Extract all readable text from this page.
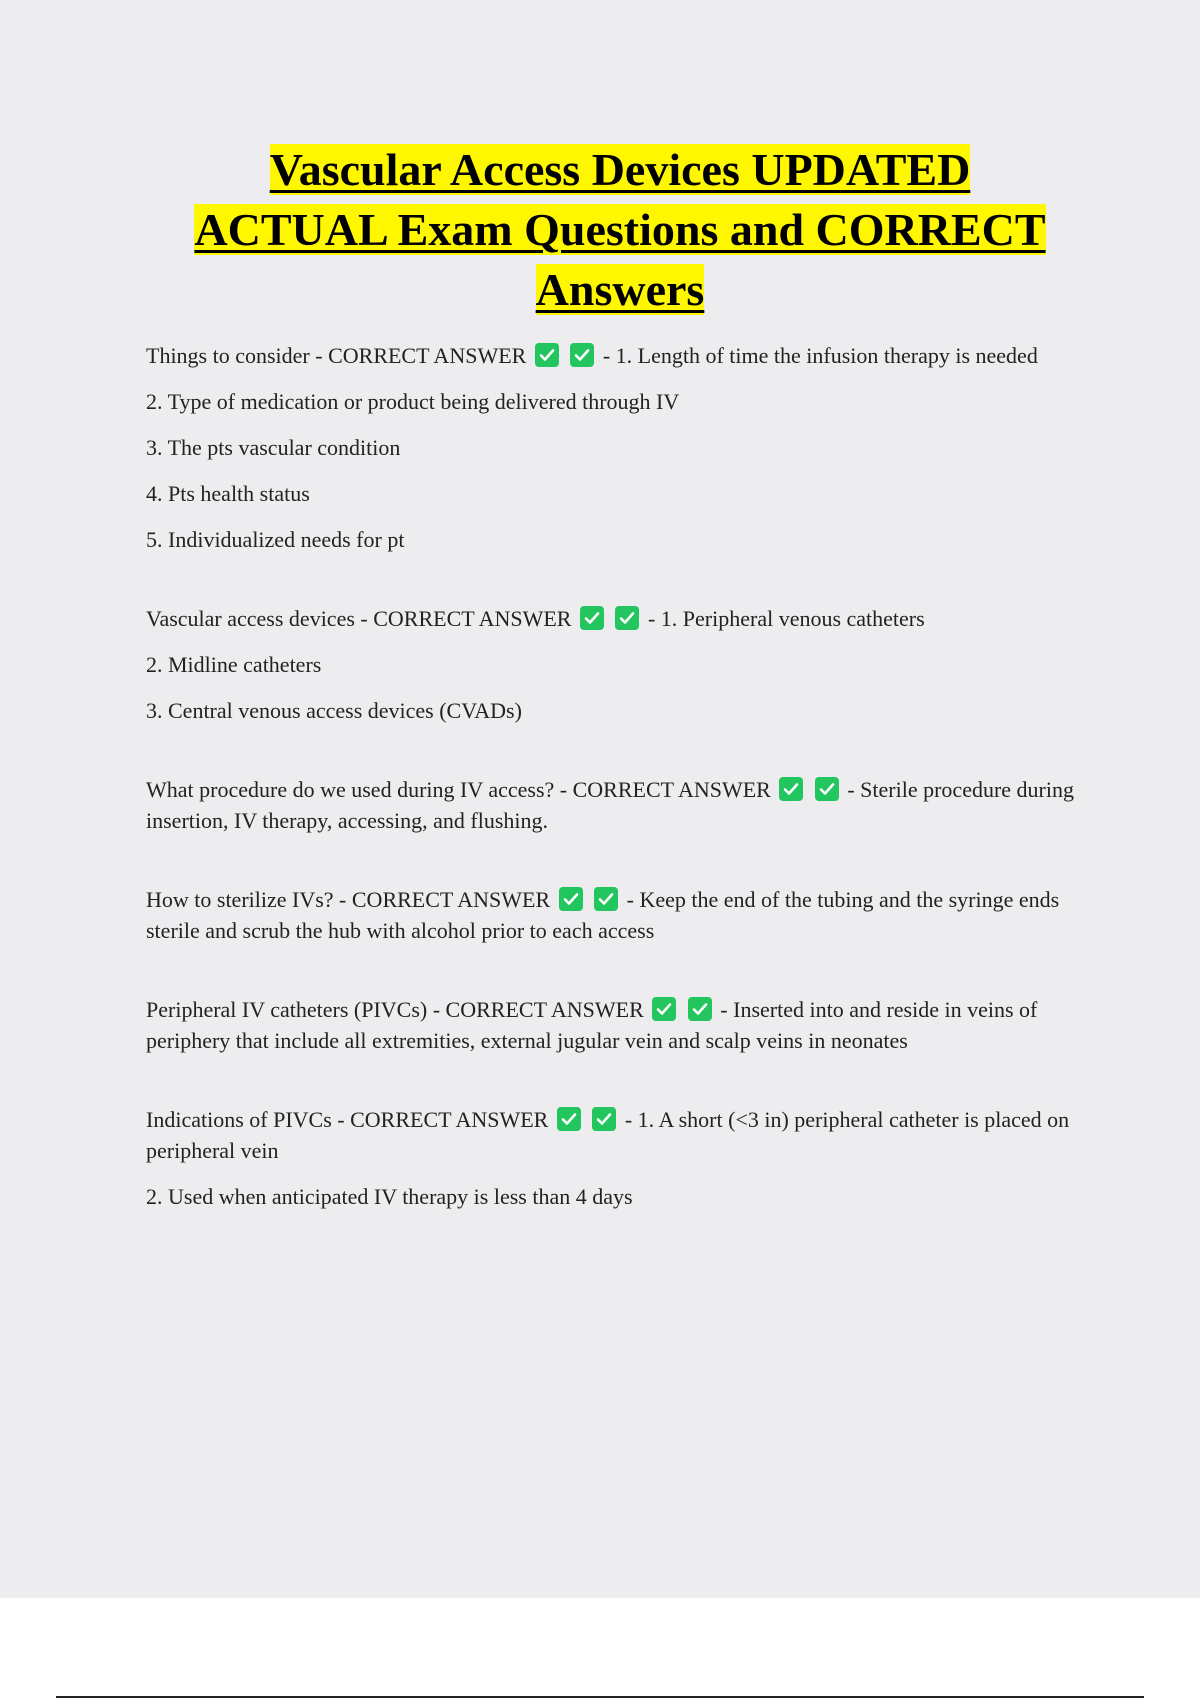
Vascular Access Devices UPDATED
ACTUAL Exam Questions and CORRECT
Answers

Things to consider - CORRECT ANSWER
	- 1. Length of time the infusion therapy is needed

2. Type of medication or product being delivered through IV

3. The pts vascular condition

4. Pts health status

5. Individualized needs for pt

Vascular access devices - CORRECT ANSWER
	- 1. Peripheral venous catheters

2. Midline catheters

3. Central venous access devices (CVADs)

What procedure do we used during IV access? - CORRECT ANSWER
	- Sterile procedure during insertion, IV therapy, accessing, and flushing.

How to sterilize IVs? - CORRECT ANSWER
	- Keep the end of the tubing and the syringe ends sterile and scrub the hub with alcohol prior to each access

Peripheral IV catheters (PIVCs) - CORRECT ANSWER
	- Inserted into and reside in veins of periphery that include all extremities, external jugular vein and scalp veins in neonates

Indications of PIVCs - CORRECT ANSWER
	- 1. A short (<3 in) peripheral catheter is placed on peripheral vein

2. Used when anticipated IV therapy is less than 4 days
